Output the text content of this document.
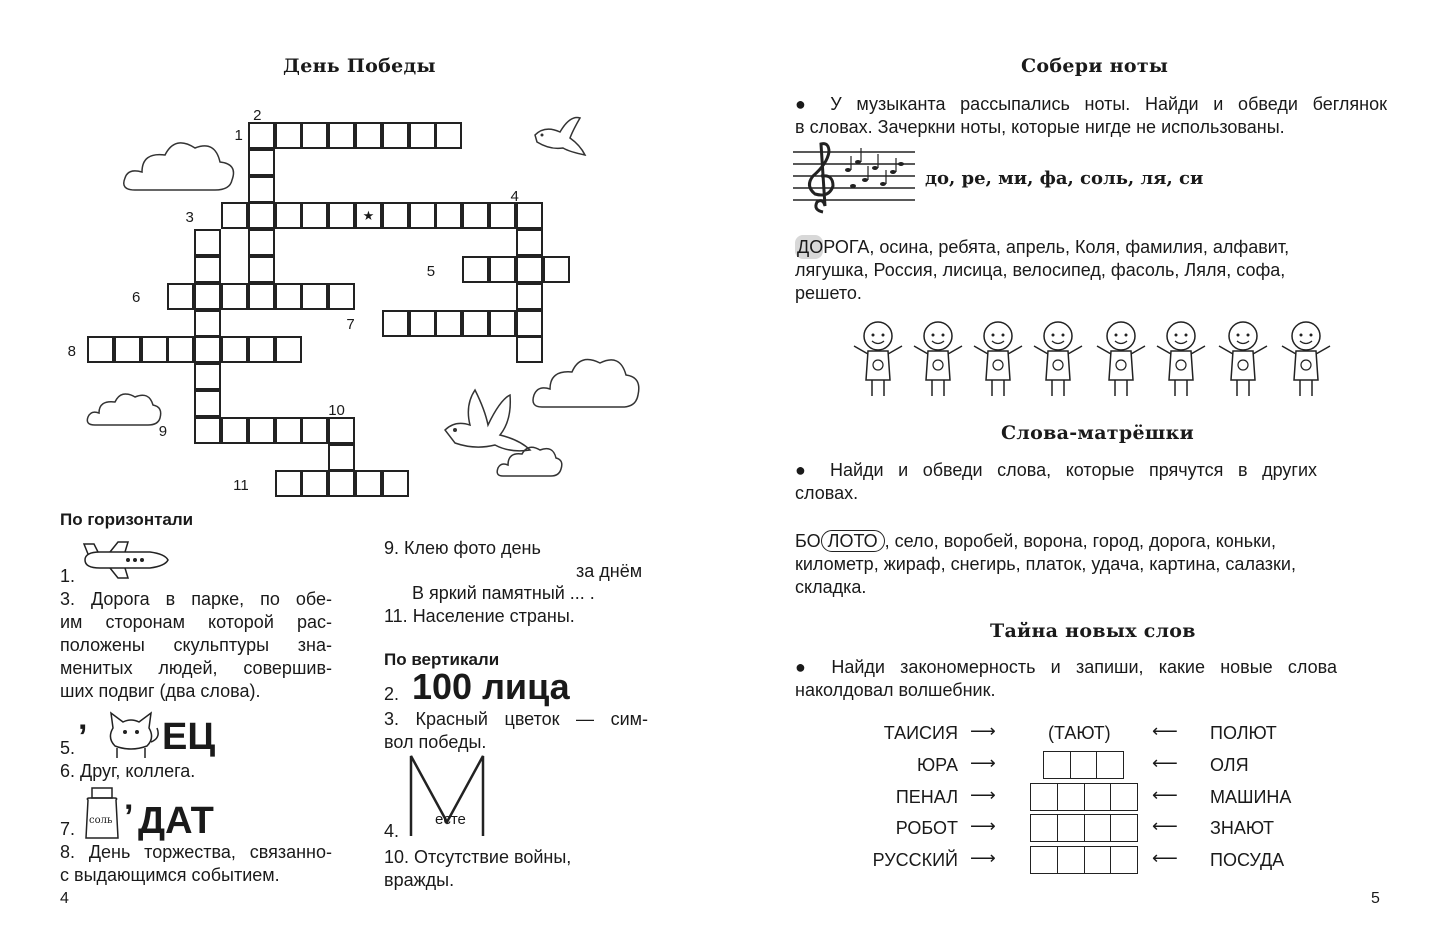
День Победы
★
1
2
3
4
5
6
7
8
9
10
11
По горизонтали
1.
3. Дорога в парке, по обе-
им сторонам которой рас-
положены скульптуры зна-
менитых людей, совершив-
ших подвиг (два слова).
5. ’ ЕЦ
6. Друг, коллега.
7. соль ’ ДАТ
8. День торжества, связанно-
с выдающимся событием.
9. Клею фото день
за днём
В яркий памятный ... .
11. Население страны.
По вертикали
2. 100 лица
3. Красный цветок — сим-
вол победы.
4.
есте
10. Отсутствие войны,
вражды.
4
Собери ноты
● У музыканта рассыпались ноты. Найди и обведи беглянок
в словах. Зачеркни ноты, которые нигде не использованы.
до, ре, ми, фа, соль, ля, си
ДОРОГА, осина, ребята, апрель, Коля, фамилия, алфавит,
лягушка, Россия, лисица, велосипед, фасоль, Ляля, софа,
решето.
Слова-матрёшки
● Найди и обведи слова, которые прячутся в других
словах.
БО ЛОТО , село, воробей, ворона, город, дорога, коньки,
километр, жираф, снегирь, платок, удача, картина, салазки,
складка.
Тайна новых слов
● Найди закономерность и запиши, какие новые слова
наколдовал волшебник.
ТАИСИЯ ⟶	(ТАЮТ) ⟵ ПОЛЮТ
ЮРА ⟶	⟵ ОЛЯ
ПЕНАЛ ⟶	⟵ МАШИНА
РОБОТ ⟶	⟵ ЗНАЮТ
РУССКИЙ ⟶	⟵ ПОСУДА
5
